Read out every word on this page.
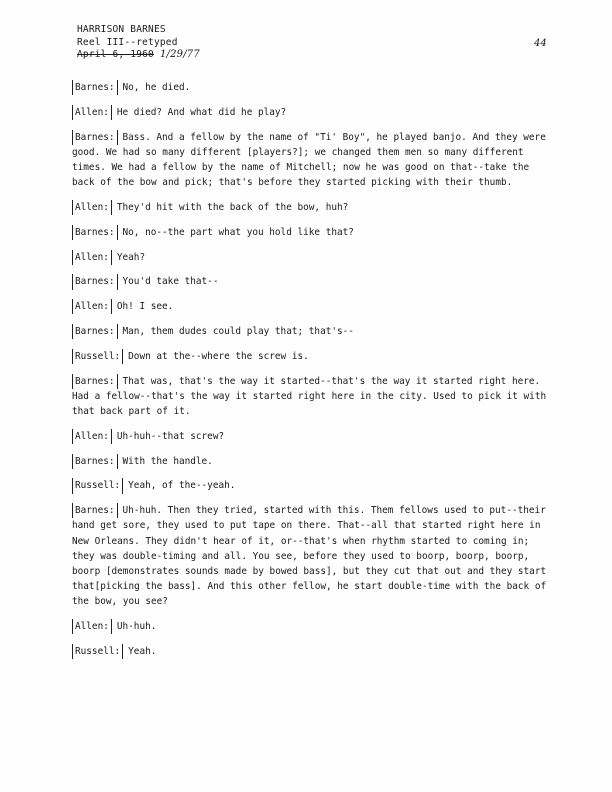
HARRISON BARNES
Reel III--retyped
April 6, 1960 1/29/77
44
Barnes: No, he died.
Allen: He died? And what did he play?
Barnes: Bass. And a fellow by the name of "Ti' Boy", he played banjo. And they were good. We had so many different [players?]; we changed them men so many different times. We had a fellow by the name of Mitchell; now he was good on that--take the back of the bow and pick; that's before they started picking with their thumb.
Allen: They'd hit with the back of the bow, huh?
Barnes: No, no--the part what you hold like that?
Allen: Yeah?
Barnes: You'd take that--
Allen: Oh! I see.
Barnes: Man, them dudes could play that; that's--
Russell: Down at the--where the screw is.
Barnes: That was, that's the way it started--that's the way it started right here. Had a fellow--that's the way it started right here in the city. Used to pick it with that back part of it.
Allen: Uh-huh--that screw?
Barnes: With the handle.
Russell: Yeah, of the--yeah.
Barnes: Uh-huh. Then they tried, started with this. Them fellows used to put--their hand get sore, they used to put tape on there. That--all that started right here in New Orleans. They didn't hear of it, or--that's when rhythm started to coming in; they was double-timing and all. You see, before they used to boorp, boorp, boorp, boorp [demonstrates sounds made by bowed bass], but they cut that out and they start that[picking the bass]. And this other fellow, he start double-time with the back of the bow, you see?
Allen: Uh-huh.
Russell: Yeah.
